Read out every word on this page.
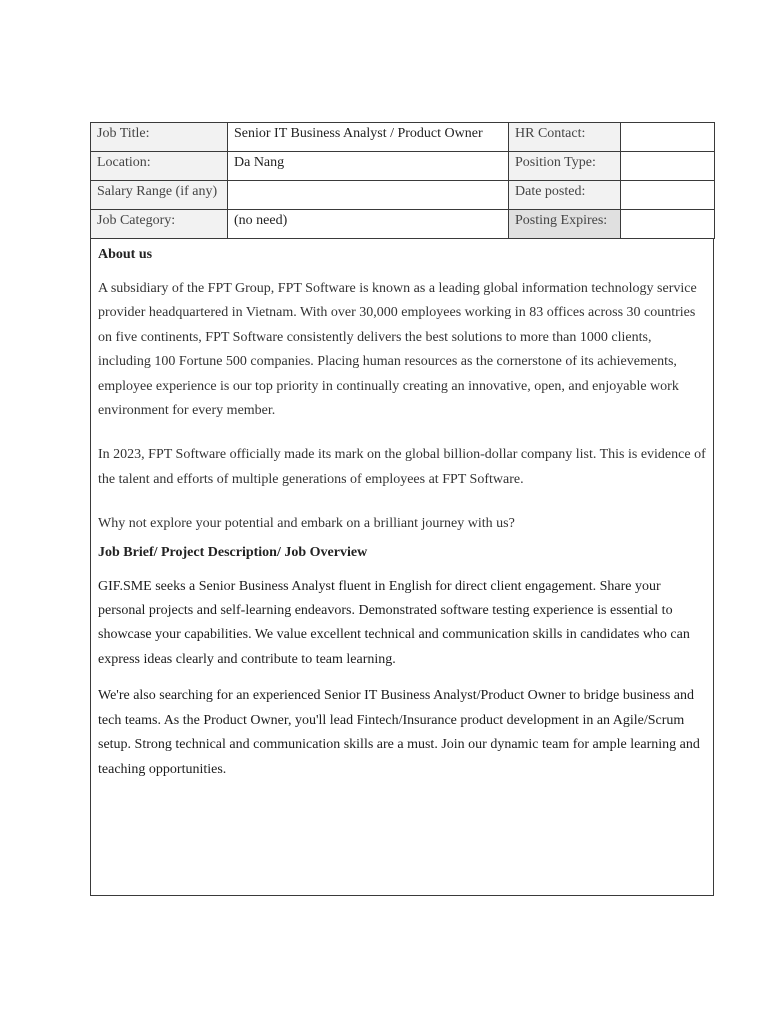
Job Title:	Senior IT Business Analyst / Product Owner	HR Contact:	
Location:	Da Nang	Position Type:	
Salary Range (if any)		Date posted:	
Job Category:	(no need)	Posting Expires:	
About us
A subsidiary of the FPT Group, FPT Software is known as a leading global information technology service provider headquartered in Vietnam. With over 30,000 employees working in 83 offices across 30 countries on five continents, FPT Software consistently delivers the best solutions to more than 1000 clients, including 100 Fortune 500 companies. Placing human resources as the cornerstone of its achievements, employee experience is our top priority in continually creating an innovative, open, and enjoyable work environment for every member.
In 2023, FPT Software officially made its mark on the global billion-dollar company list. This is evidence of the talent and efforts of multiple generations of employees at FPT Software.
Why not explore your potential and embark on a brilliant journey with us?
Job Brief/ Project Description/ Job Overview
GIF.SME seeks a Senior Business Analyst fluent in English for direct client engagement. Share your personal projects and self-learning endeavors. Demonstrated software testing experience is essential to showcase your capabilities. We value excellent technical and communication skills in candidates who can express ideas clearly and contribute to team learning.
We're also searching for an experienced Senior IT Business Analyst/Product Owner to bridge business and tech teams. As the Product Owner, you'll lead Fintech/Insurance product development in an Agile/Scrum setup. Strong technical and communication skills are a must. Join our dynamic team for ample learning and teaching opportunities.
